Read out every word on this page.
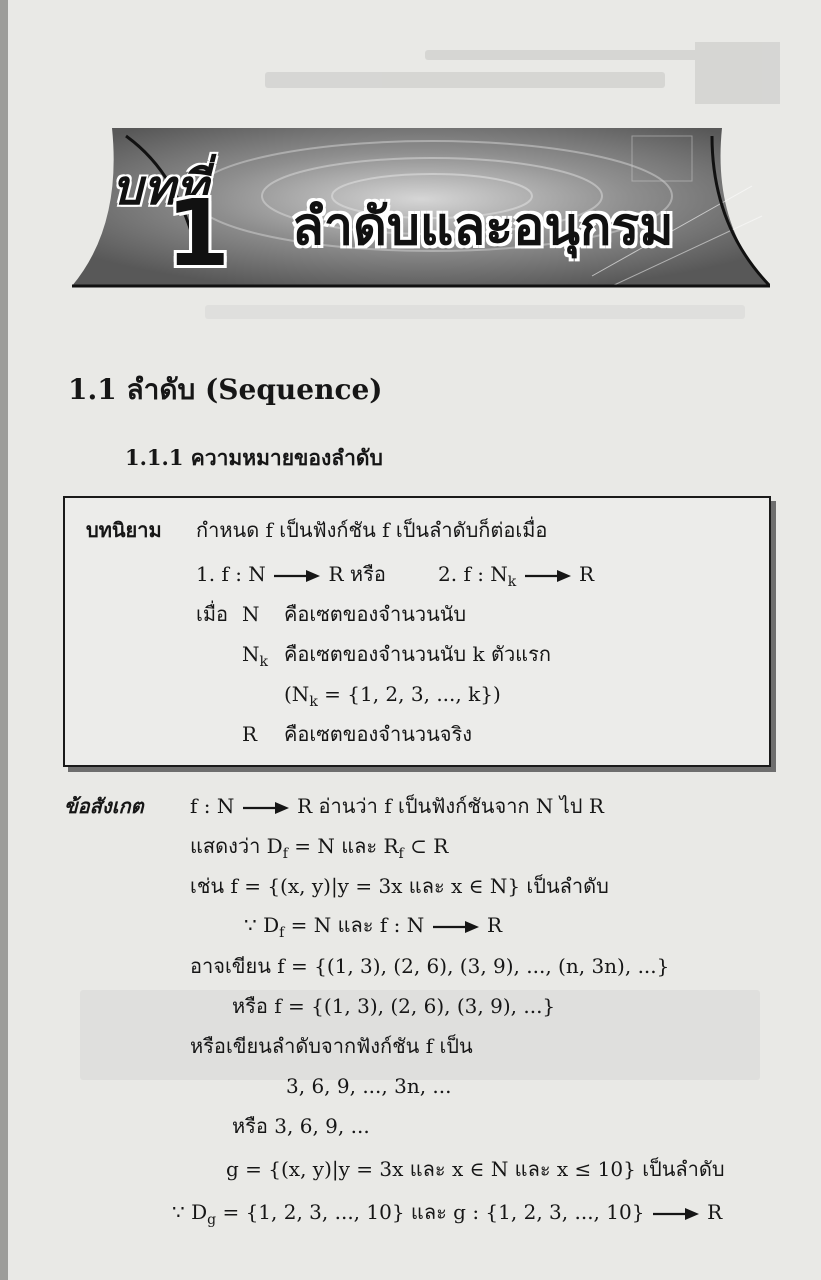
บทที่
1 ลำดับและอนุกรม
1.1 ลำดับ (Sequence)
1.1.1 ความหมายของลำดับ
บทนิยาม กำหนด f เป็นฟังก์ชัน f เป็นลำดับก็ต่อเมื่อ
1. f : N	R หรือ	2. f : $N_k$	R
เมื่อ N คือเซตของจำนวนนับ
$N_k$ คือเซตของจำนวนนับ k ตัวแรก
($N_k = \{1$, 2, 3, ..., k})
R คือเซตของจำนวนจริง
ข้อสังเกต f : N	R อ่านว่า f เป็นฟังก์ชันจาก N ไป R
แสดงว่า $D_f = N$ และ $R_f$ ⊂ R
เช่น f = {(x, y)|y = 3x และ x ∈ N} เป็นลำดับ
∵ $D_f = N$ และ f : N	R
อาจเขียน f = {(1, 3), (2, 6), (3, 9), ..., (n, 3n), ...}
หรือ f = {(1, 3), (2, 6), (3, 9), ...}
หรือเขียนลำดับจากฟังก์ชัน f เป็น
3, 6, 9, ..., 3n, ...
หรือ 3, 6, 9, ...
g = {(x, y)|y = 3x และ x ∈ N และ x ≤ 10} เป็นลำดับ
∵ $D_g = \{1$, 2, 3, ..., 10} และ g : {1, 2, 3, ..., 10}	R
